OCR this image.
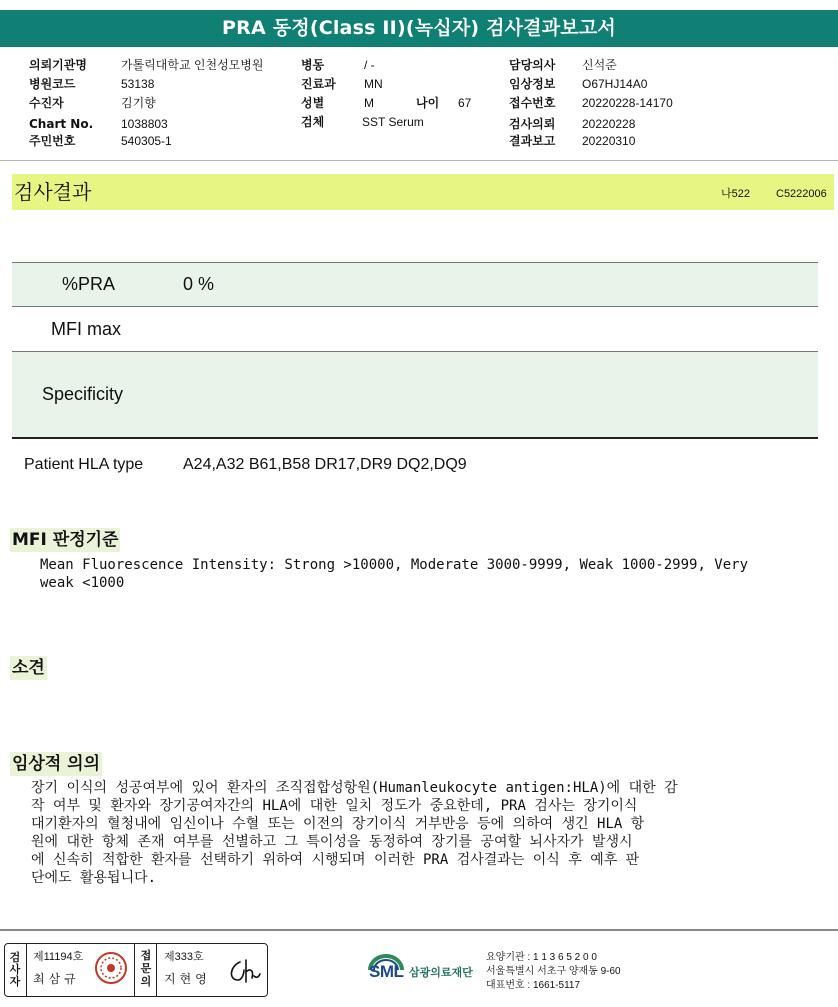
PRA 동정(Class II)(녹십자) 검사결과보고서
의뢰기관명	가톨릭대학교 인천성모병원
병원코드	53138
수진자	김기향
Chart No. 1038803
주민번호	540305-1
병동	/ -
진료과 MN
성별	M	나이 67
검체	SST Serum
담당의사 신석준
임상정보 O67HJ14A0
접수번호 20220228-14170
검사의뢰 20220228
결과보고 20220310
검사결과	나522 C5222006
%PRA	0 %
MFI max
Specificity
Patient HLA type A24,A32 B61,B58 DR17,DR9 DQ2,DQ9
MFI 판정기준
Mean Fluorescence Intensity: Strong >10000, Moderate 3000-9999, Weak 1000-2999, Very
weak <1000
소견
임상적 의의
장기 이식의 성공여부에 있어 환자의 조직접합성항원(Humanleukocyte antigen:HLA)에 대한 감
작 여부 및 환자와 장기공여자간의 HLA에 대한 일치 정도가 중요한데, PRA 검사는 장기이식
대기환자의 혈청내에 임신이나 수혈 또는 이전의 장기이식 거부반응 등에 의하여 생긴 HLA 항
원에 대한 항체 존재 여부를 선별하고 그 특이성을 동정하여 장기를 공여할 뇌사자가 발생시
에 신속히 적합한 환자를 선택하기 위하여 시행되며 이러한 PRA 검사결과는 이식 후 예후 판
단에도 활용됩니다.
검
사
자
제11194호
최삼규
접
문
의
제333호
지현영	SML 삼광의료재단
요양기관 : 1 1 3 6 5 2 0 0
서울특별시 서초구 양재동 9-60
대표번호 : 1661-5117
